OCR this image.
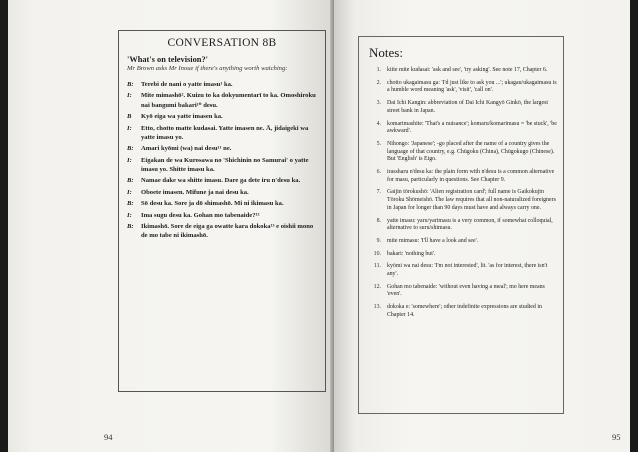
CONVERSATION 8B
'What's on television?'
Mr Brown asks Mr Inoue if there's anything worth watching:
B:	Terebi de nani o yatte imasu¹ ka.
I:	Mite mimashō². Kuizu to ka dokyumentarī to ka. Omoshiroku nai bangumi bakari¹⁰ desu.
B	Kyō eiga wa yatte imasen ka.
I:	Etto, chotto matte kudasai. Yatte imasen ne. Ā, jidaigeki wa yatte imasu yo.
B:	Amari kyōmi (wa) nai desu¹¹ ne.
I:	Eigakan de wa Kurosawa no 'Shichinin no Samurai' o yatte imasu yo. Shitte imasu ka.
B:	Namae dake wa shitte imasu. Dare ga dete iru n'desu ka.
I:	Oboete imasen. Mifune ja nai desu ka.
B:	Sō desu ka. Sore ja dō shimashō. Mi ni ikimasu ka.
I:	Ima sugu desu ka. Gohan mo tabenaide?¹²
B:	Ikimashō. Sore de eiga ga owatte kara dokoka¹³ e oishii mono de mo tabe ni ikimashō.
94
Notes:
1.	kiite mite kudasai: 'ask and see', 'try asking'. See note 17, Chapter 6.
2.	chotto ukagaimasu ga: 'I'd just like to ask you ...'; ukagau/ukagaimasu is a humble word meaning 'ask', 'visit', 'call on'.
3.	Dai Ichi Kangin: abbreviation of Dai Ichi Kangyō Ginkō, the largest street bank in Japan.
4.	komarimashite: 'That's a nuisance'; komaru/komarimasu = 'be stuck', 'be awkward'.
5.	Nihongo: 'Japanese'; -go placed after the name of a country gives the language of that country, e.g. Chūgoku (China), Chūgokugo (Chinese). But 'English' is Eigo.
6.	irassharu n'desu ka: the plain form with n'desu is a common alternative for masu, particularly in questions. See Chapter 9.
7.	Gaijin tōrokushō: 'Alien registration card'; full name is Gaikokujin Tōroku Shōmeishō. The law requires that all non-naturalized foreigners in Japan for longer than 90 days must have and always carry one.
8.	yatte imasu: yaru/yarimasu is a very common, if somewhat colloquial, alternative to suru/shimasu.
9.	mite mimasu: 'I'll have a look and see'.
10.	bakari: 'nothing but'.
11.	kyōmi wa nai desu: 'I'm not interested', lit. 'as for interest, there isn't any'.
12.	Gohan mo tabenaide: 'without even having a meal'; mo here means 'even'.
13.	dokoka e: 'somewhere'; other indefinite expressions are studied in Chapter 14.
95
